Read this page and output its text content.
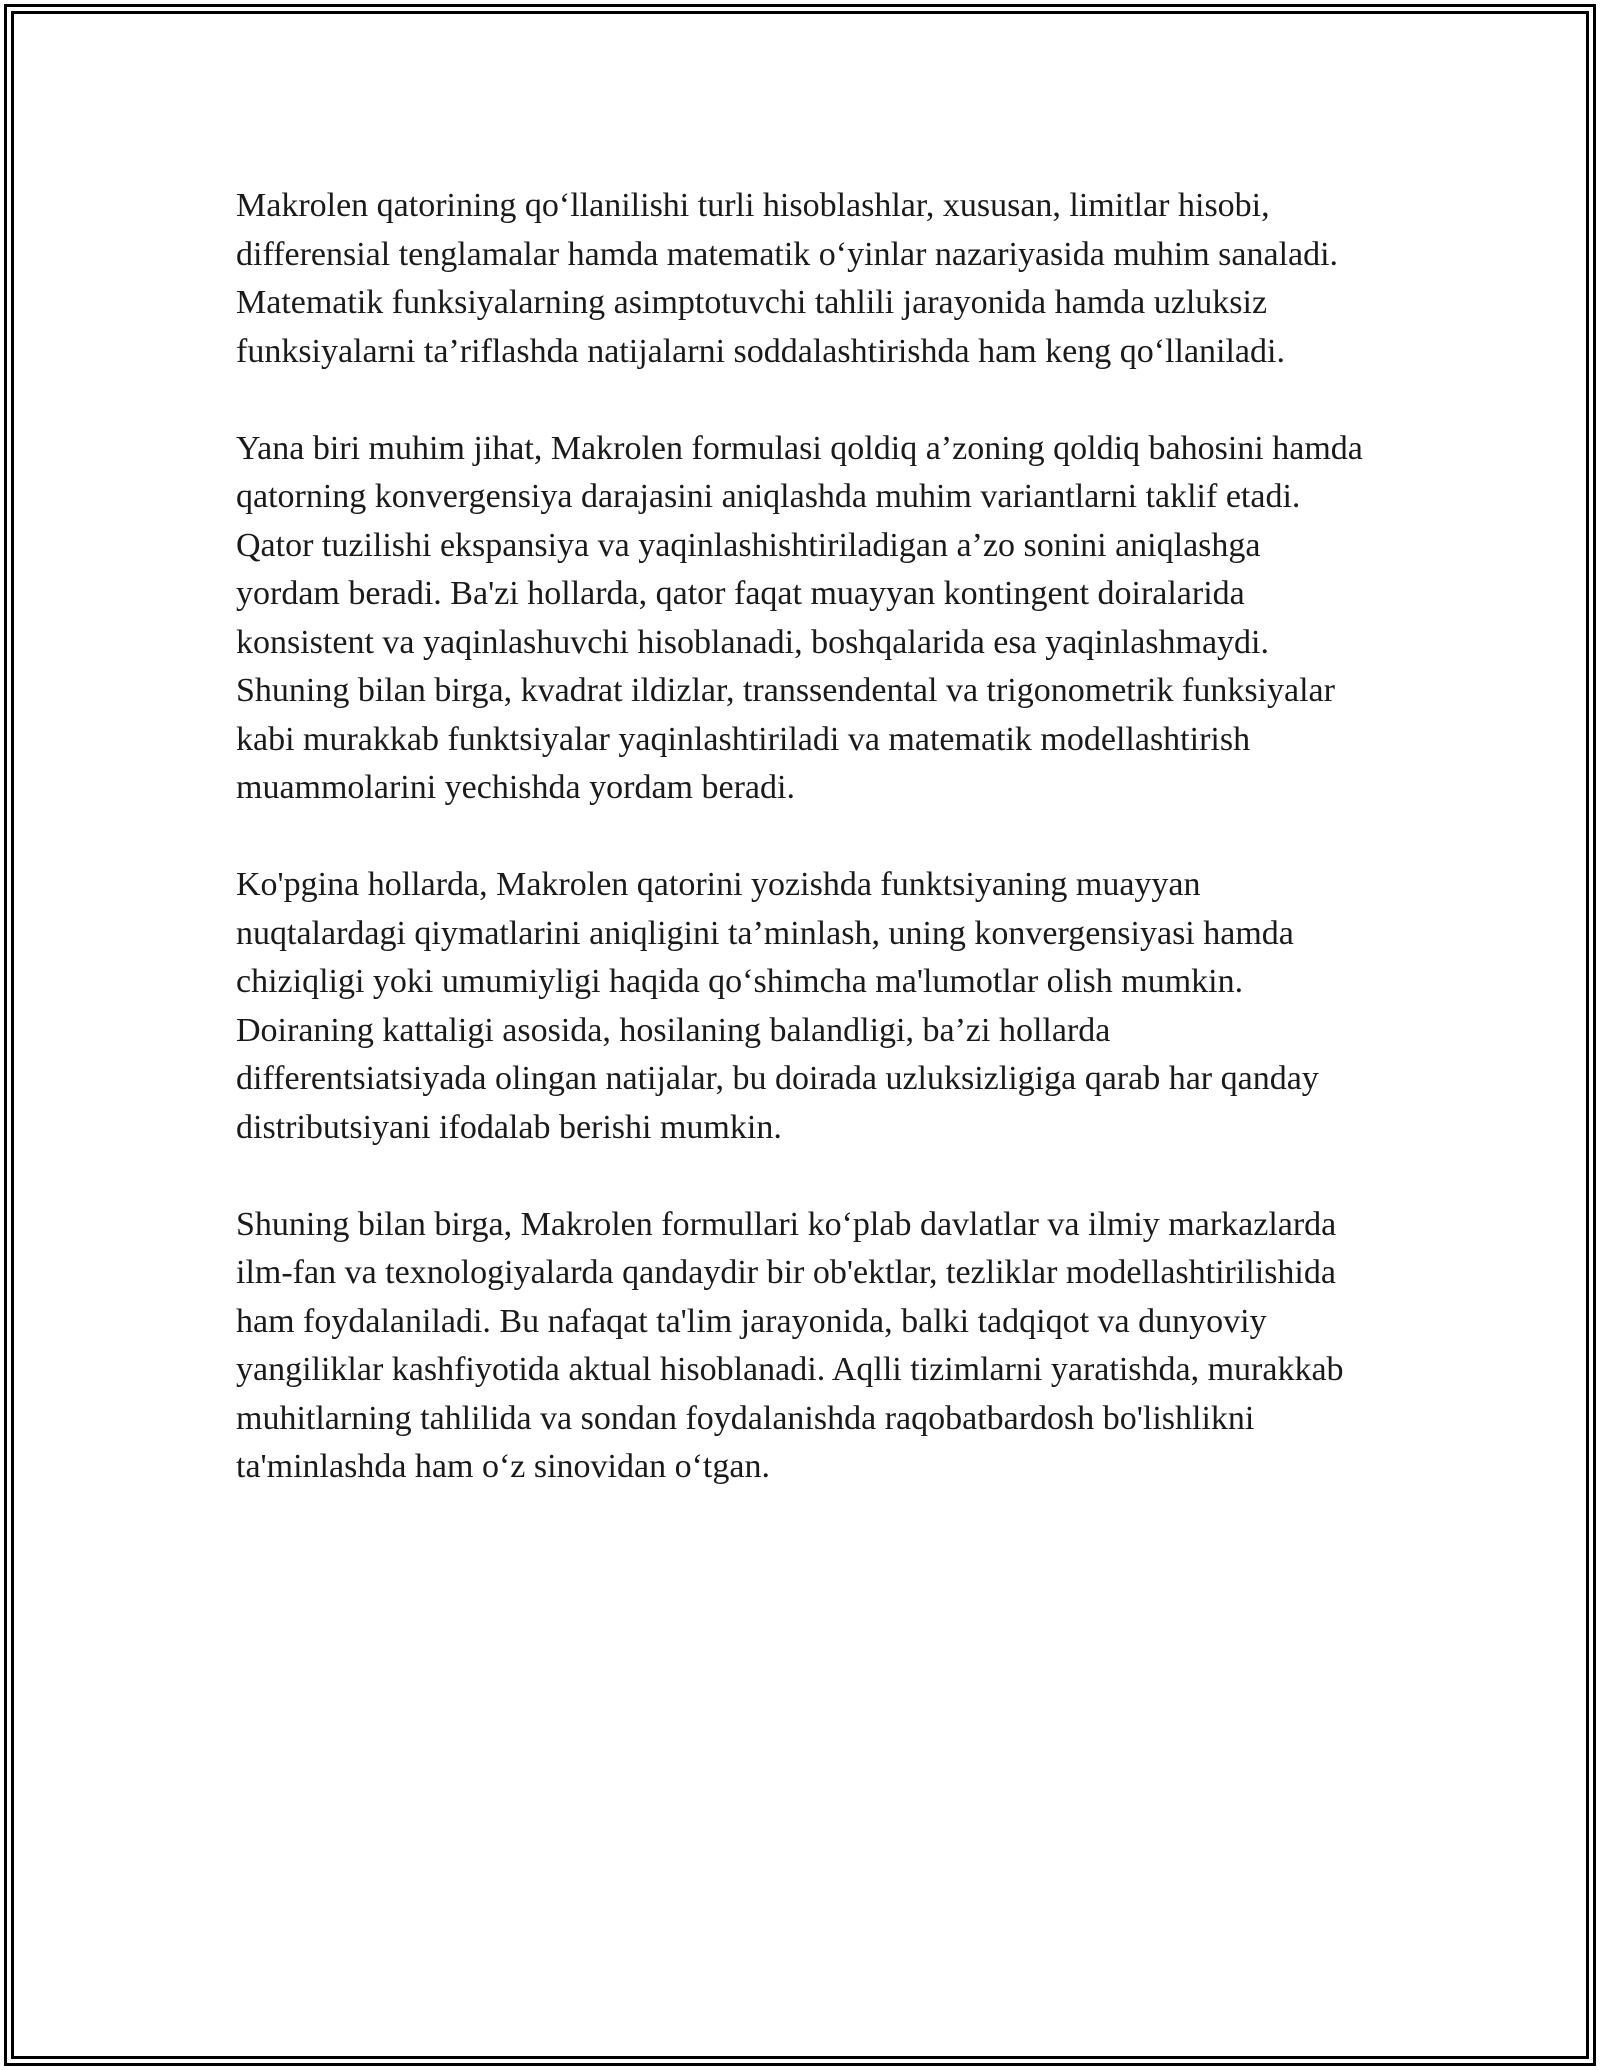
Makrolen qatorining qo‘llanilishi turli hisoblashlar, xususan, limitlar hisobi, differensial tenglamalar hamda matematik o‘yinlar nazariyasida muhim sanaladi. Matematik funksiyalarning asimptotuvchi tahlili jarayonida hamda uzluksiz funksiyalarni ta’riflashda natijalarni soddalashtirishda ham keng qo‘llaniladi.

Yana biri muhim jihat, Makrolen formulasi qoldiq a’zoning qoldiq bahosini hamda qatorning konvergensiya darajasini aniqlashda muhim variantlarni taklif etadi. Qator tuzilishi ekspansiya va yaqinlashishtiriladigan a’zo sonini aniqlashga yordam beradi. Ba'zi hollarda, qator faqat muayyan kontingent doiralarida konsistent va yaqinlashuvchi hisoblanadi, boshqalarida esa yaqinlashmaydi. Shuning bilan birga, kvadrat ildizlar, transsendental va trigonometrik funksiyalar kabi murakkab funktsiyalar yaqinlashtiriladi va matematik modellashtirish muammolarini yechishda yordam beradi.

Ko'pgina hollarda, Makrolen qatorini yozishda funktsiyaning muayyan nuqtalardagi qiymatlarini aniqligini ta’minlash, uning konvergensiyasi hamda chiziqligi yoki umumiyligi haqida qo‘shimcha ma'lumotlar olish mumkin. Doiraning kattaligi asosida, hosilaning balandligi, ba’zi hollarda differentsiatsiyada olingan natijalar, bu doirada uzluksizligiga qarab har qanday distributsiyani ifodalab berishi mumkin.

Shuning bilan birga, Makrolen formullari ko‘plab davlatlar va ilmiy markazlarda ilm-fan va texnologiyalarda qandaydir bir ob'ektlar, tezliklar modellashtirilishida ham foydalaniladi. Bu nafaqat ta'lim jarayonida, balki tadqiqot va dunyoviy yangiliklar kashfiyotida aktual hisoblanadi. Aqlli tizimlarni yaratishda, murakkab muhitlarning tahlilida va sondan foydalanishda raqobatbardosh bo'lishlikni ta'minlashda ham o‘z sinovidan o‘tgan.
